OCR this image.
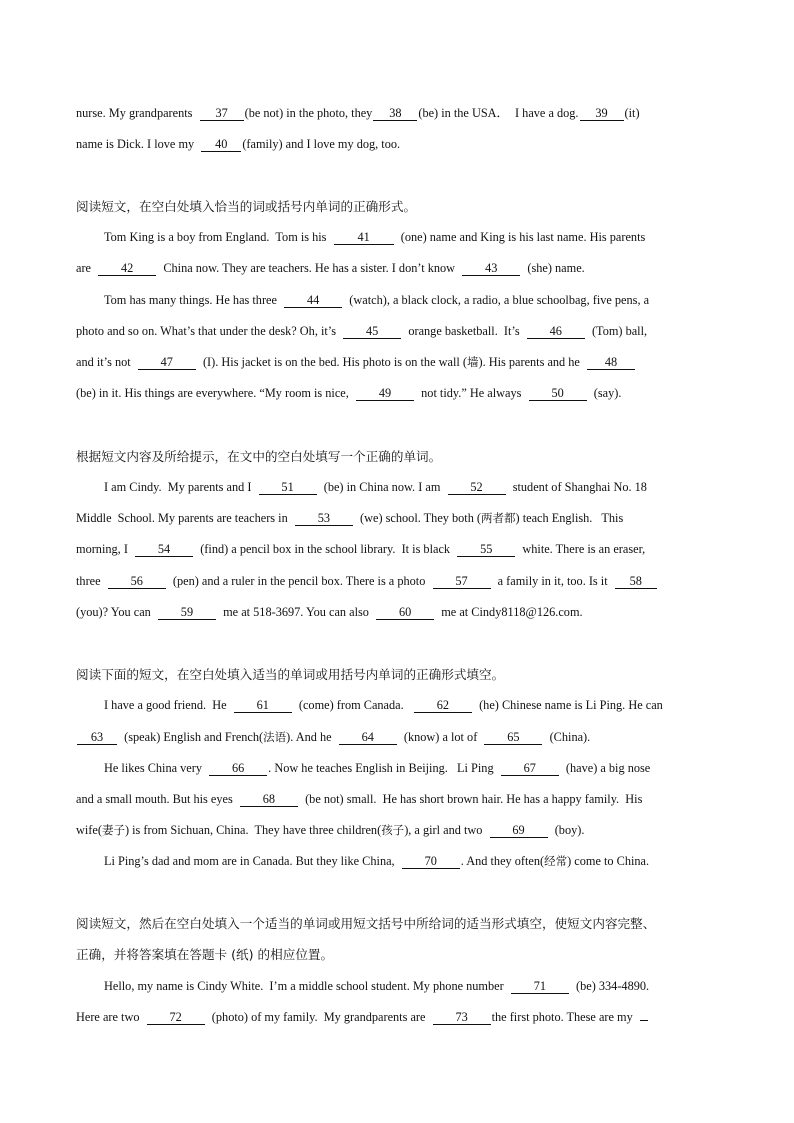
nurse. My grandparents  37 (be not) in the photo, they 38 (be) in the USA．  I have a dog. 39 (it)
name is Dick. I love my  40 (family) and I love my dog, too.
阅读短文，在空白处填入恰当的词或括号内单词的正确形式。
Tom King is a boy from England.  Tom is his  41  (one) name and King is his last name. His parents
are  42  China now. They are teachers. He has a sister. I don’t know  43  (she) name.
Tom has many things. He has three  44  (watch), a black clock, a radio, a blue schoolbag, five pens, a
photo and so on. What’s that under the desk? Oh, it’s  45  orange basketball.  It’s  46  (Tom) ball,
and it’s not  47  (I). His jacket is on the bed. His photo is on the wall (墙). His parents and he  48
(be) in it. His things are everywhere. “My room is nice,  49  not tidy.” He always  50  (say).
根据短文内容及所给提示，在文中的空白处填写一个正确的单词。
I am Cindy.  My parents and I  51  (be) in China now. I am  52  student of Shanghai No. 18
Middle  School. My parents are teachers in  53  (we) school. They both (两者都) teach English.   This
morning, I  54  (find) a pencil box in the school library.  It is black  55  white. There is an eraser,
three  56  (pen) and a ruler in the pencil box. There is a photo  57  a family in it, too. Is it  58
(you)? You can  59  me at 518-3697. You can also  60  me at Cindy8118@126.com.
阅读下面的短文，在空白处填入适当的单词或用括号内单词的正确形式填空。
I have a good friend.  He  61  (come) from Canada.   62  (he) Chinese name is Li Ping. He can
63  (speak) English and French(法语). And he  64  (know) a lot of  65  (China).
He likes China very  66 . Now he teaches English in Beijing.   Li Ping  67  (have) a big nose
and a small mouth. But his eyes  68  (be not) small.  He has short brown hair. He has a happy family.  His
wife(妻子) is from Sichuan, China.  They have three children(孩子), a girl and two  69  (boy).
Li Ping’s dad and mom are in Canada. But they like China,  70 . And they often(经常) come to China.
阅读短文，然后在空白处填入一个适当的单词或用短文括号中所给词的适当形式填空，使短文内容完整、
正确，并将答案填在答题卡 (纸) 的相应位置。
Hello, my name is Cindy White.  I’m a middle school student. My phone number  71  (be) 334-4890.
Here are two  72  (photo) of my family.  My grandparents are  73 the first photo. These are my
